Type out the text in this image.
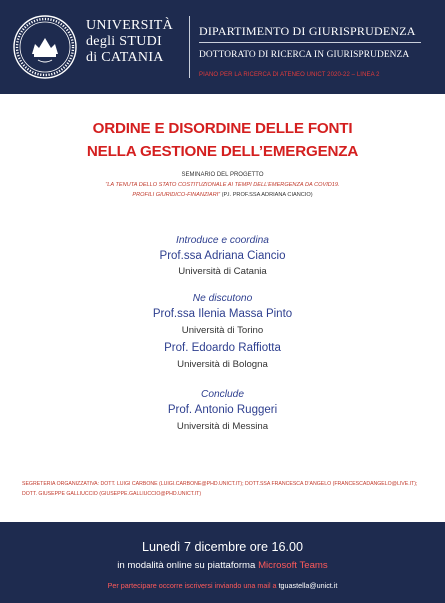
UNIVERSITÀ
degli STUDI
di CATANIA
DIPARTIMENTO DI GIURISPRUDENZA
DOTTORATO DI RICERCA IN GIURISPRUDENZA
PIANO PER LA RICERCA DI ATENEO UNICT 2020-22 – LINEA 2
ORDINE E DISORDINE DELLE FONTI
NELLA GESTIONE DELL’EMERGENZA
SEMINARIO DEL PROGETTO
“LA TENUTA DELLO STATO COSTITUZIONALE AI TEMPI DELL’EMERGENZA DA COVID19.
PROFILI GIURIDICO-FINANZIARI” (P.I. PROF.SSA ADRIANA CIANCIO)
Introduce e coordina
Prof.ssa Adriana Ciancio
Università di Catania
Ne discutono
Prof.ssa Ilenia Massa Pinto
Università di Torino
Prof. Edoardo Raffiotta
Università di Bologna
Conclude
Prof. Antonio Ruggeri
Università di Messina
SEGRETERIA ORGANIZZATIVA: DOTT. LUIGI CARBONE (LUIGI.CARBONE@PHD.UNICT.IT); DOTT.SSA FRANCESCA D’ANGELO (FRANCESCADANGELO@LIVE.IT);
DOTT. GIUSEPPE GALLIUCCIO (GIUSEPPE.GALLIUCCIO@PHD.UNICT.IT)
Lunedì 7 dicembre ore 16.00
in modalità online su piattaforma Microsoft Teams
Per partecipare occorre iscriversi inviando una mail a tguastella@unict.it
